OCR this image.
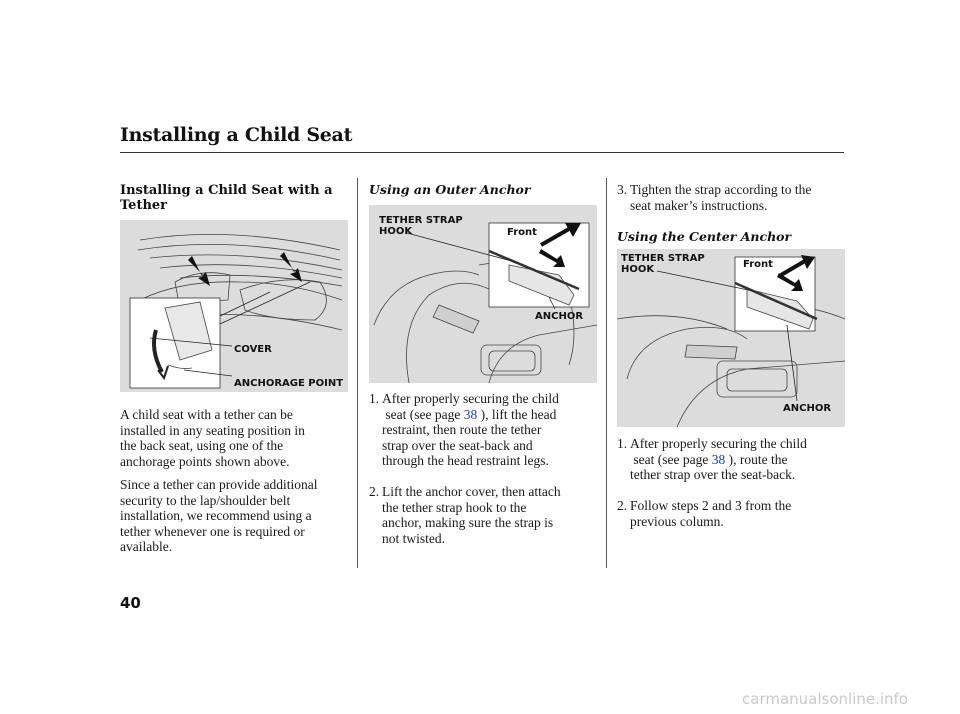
Installing a Child Seat
Installing a Child Seat with a
Tether
COVER
ANCHORAGE POINT
A child seat with a tether can be
installed in any seating position in
the back seat, using one of the
anchorage points shown above.
Since a tether can provide additional
security to the lap/shoulder belt
installation, we recommend using a
tether whenever one is required or
available.
Using an Outer Anchor
TETHER STRAP
HOOK	Front
ANCHOR
1. After properly securing the child
seat (see page 38 ), lift the head
restraint, then route the tether
strap over the seat-back and
through the head restraint legs.
2. Lift the anchor cover, then attach
the tether strap hook to the
anchor, making sure the strap is
not twisted.
3. Tighten the strap according to the
seat maker’s instructions.
Using the Center Anchor
TETHER STRAP
HOOK	Front
ANCHOR
1. After properly securing the child
seat (see page 38 ), route the
tether strap over the seat-back.
2. Follow steps 2 and 3 from the
previous column.
40
carmanualsonline.info
